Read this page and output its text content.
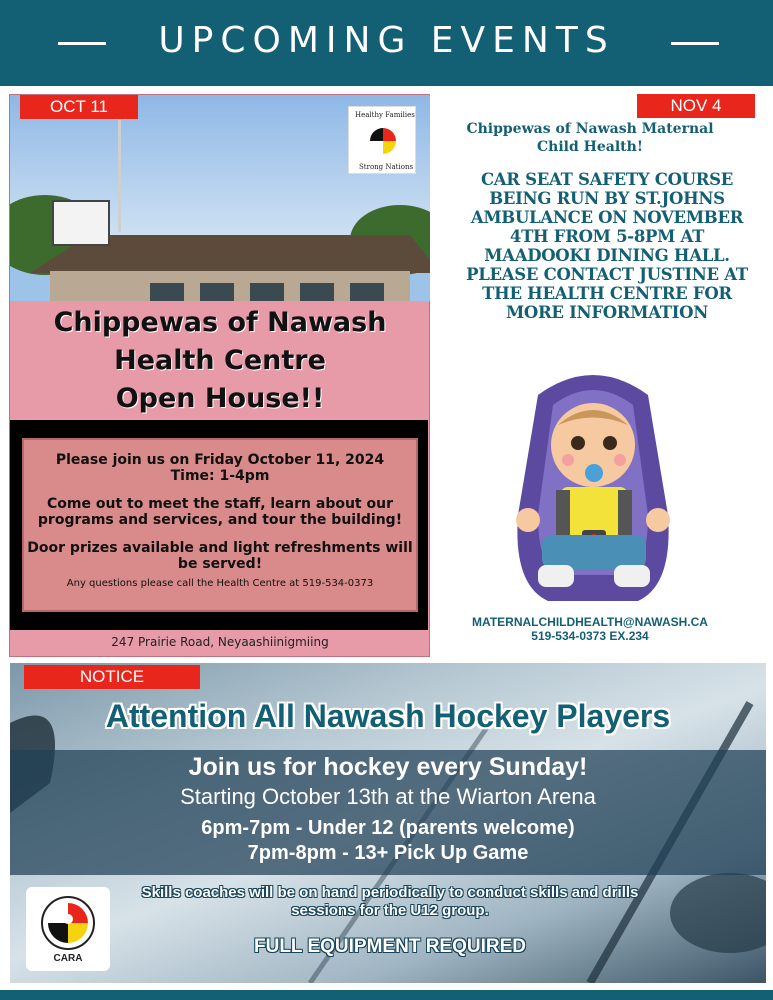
UPCOMING EVENTS
OCT 11	Healthy Families
Strong Nations
Chippewas of Nawash
Health Centre
Open House!!

Please join us on Friday October 11, 2024

Time: 1-4pm

Come out to meet the staff, learn about our programs and services, and tour the building!

Door prizes available and light refreshments will be served!

Any questions please call the Health Centre at 519-534-0373
247 Prairie Road, Neyaashiinigmiing
NOV 4
Chippewas of Nawash Maternal Child Health!
CAR SEAT SAFETY COURSE BEING RUN BY ST.JOHNS AMBULANCE ON NOVEMBER 4TH FROM 5-8PM AT MAADOOKI DINING HALL. PLEASE CONTACT JUSTINE AT THE HEALTH CENTRE FOR MORE INFORMATION
MATERNALCHILDHEALTH@NAWASH.CA
519-534-0373 EX.234
NOTICE
Attention All Nawash Hockey Players
Join us for hockey every Sunday!
Starting October 13th at the Wiarton Arena
6pm-7pm - Under 12 (parents welcome)
7pm-8pm - 13+ Pick Up Game
CARA
Skills coaches will be on hand periodically to conduct skills and drills sessions for the U12 group.
FULL EQUIPMENT REQUIRED
